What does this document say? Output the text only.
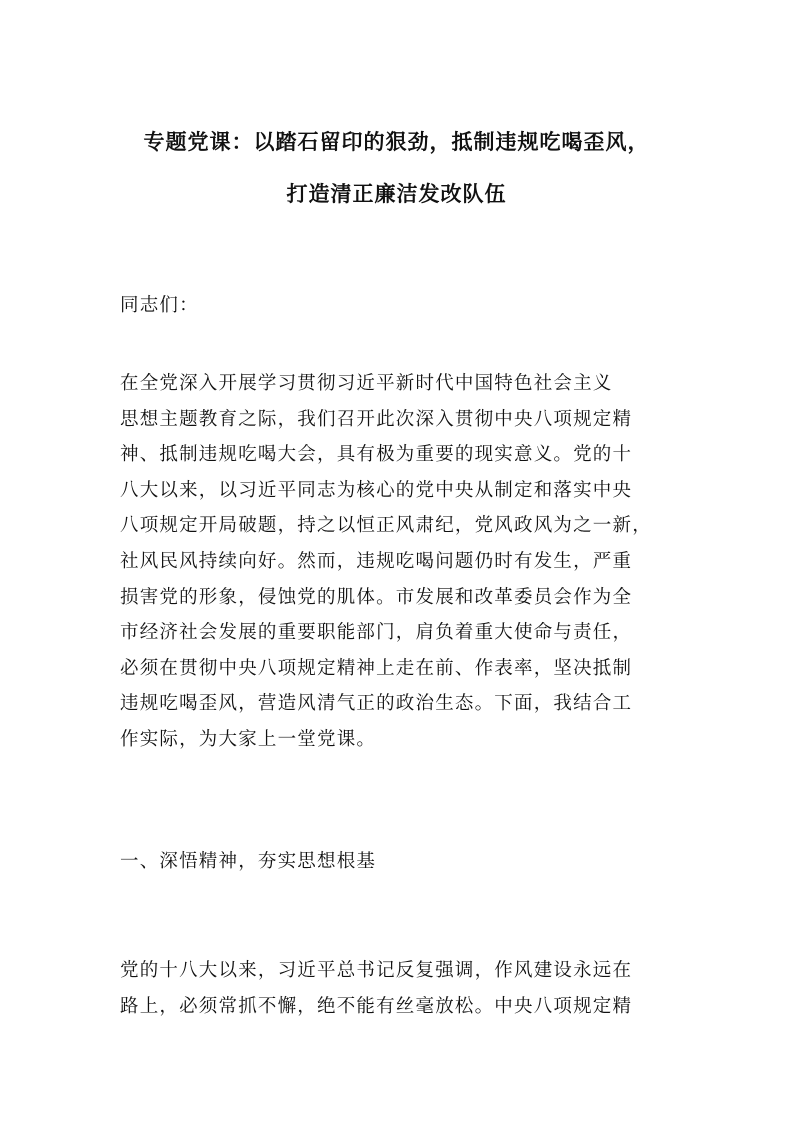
专题党课：以踏石留印的狠劲，抵制违规吃喝歪风，
打造清正廉洁发改队伍
同志们：
在全党深入开展学习贯彻习近平新时代中国特色社会主义
思想主题教育之际，我们召开此次深入贯彻中央八项规定精
神、抵制违规吃喝大会，具有极为重要的现实意义。党的十
八大以来，以习近平同志为核心的党中央从制定和落实中央
八项规定开局破题，持之以恒正风肃纪，党风政风为之一新，
社风民风持续向好。然而，违规吃喝问题仍时有发生，严重
损害党的形象，侵蚀党的肌体。市发展和改革委员会作为全
市经济社会发展的重要职能部门，肩负着重大使命与责任，
必须在贯彻中央八项规定精神上走在前、作表率，坚决抵制
违规吃喝歪风，营造风清气正的政治生态。下面，我结合工
作实际，为大家上一堂党课。
一、深悟精神，夯实思想根基
党的十八大以来，习近平总书记反复强调，作风建设永远在
路上，必须常抓不懈，绝不能有丝毫放松。中央八项规定精
